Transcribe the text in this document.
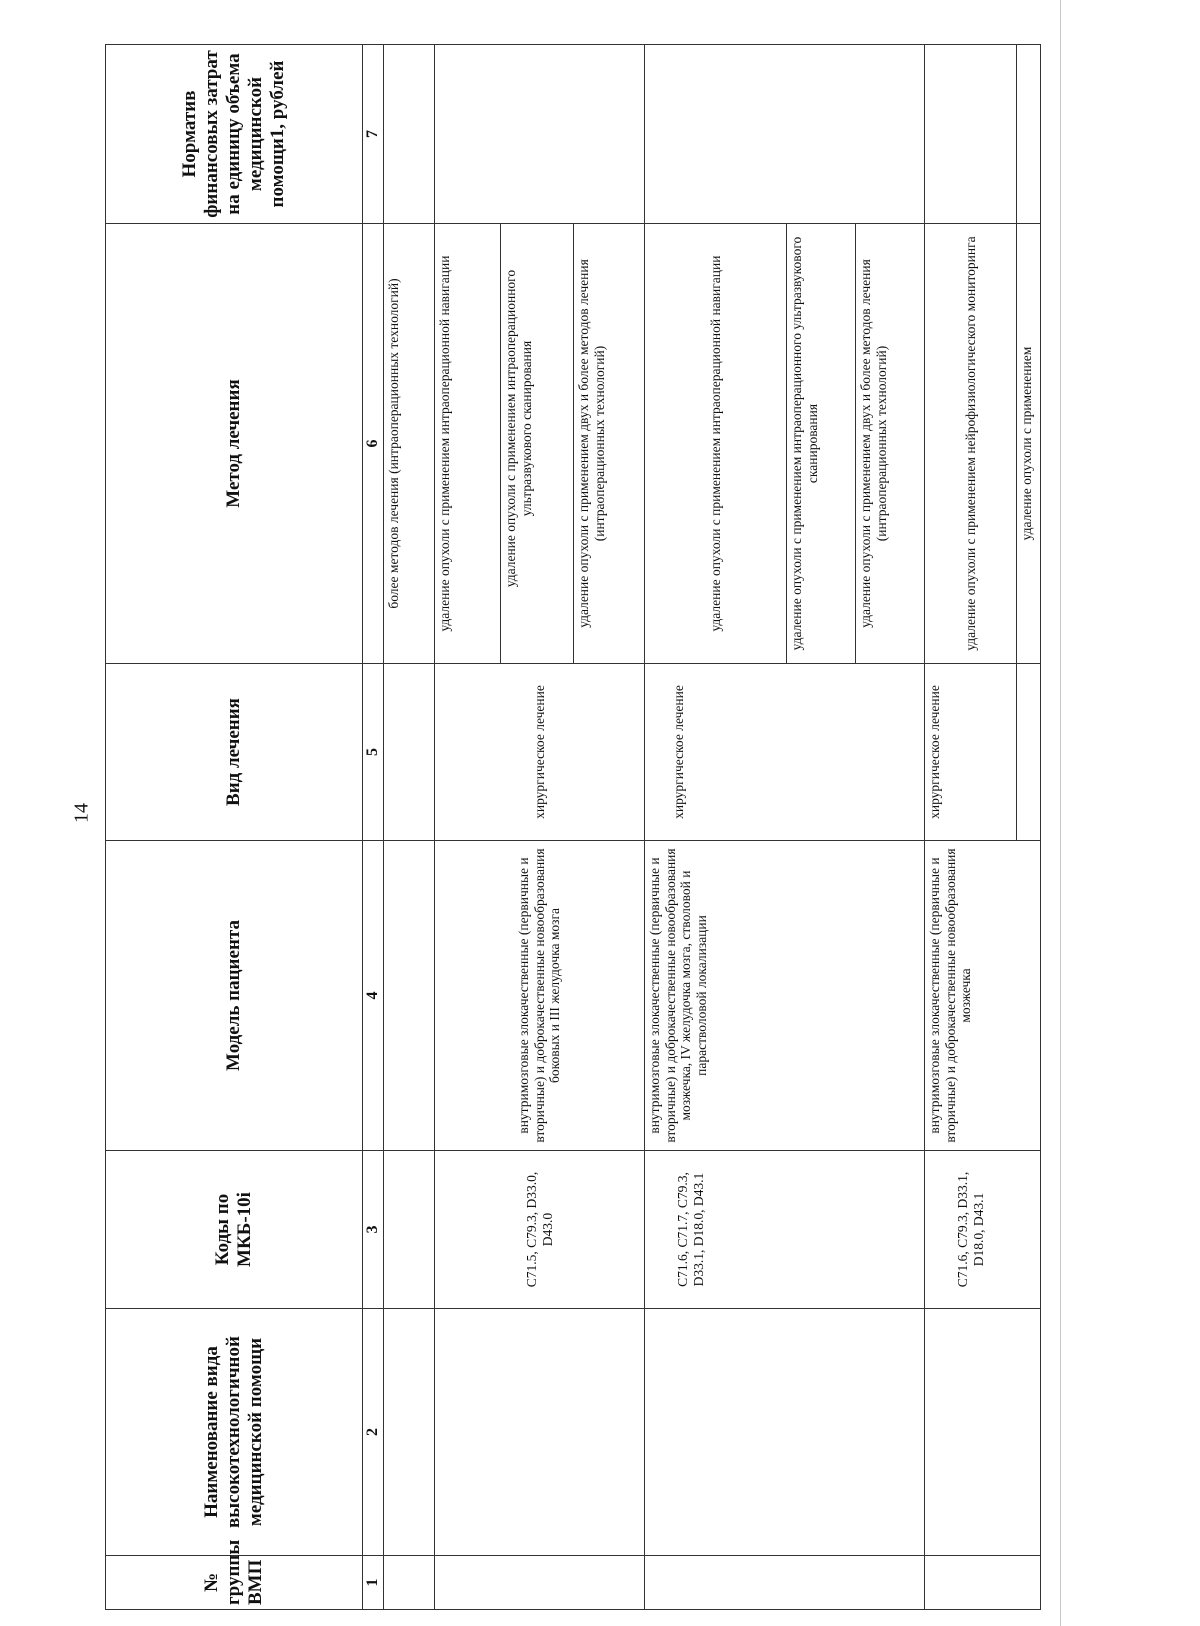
14
№ группы ВМП	Наименование вида высокотехнологичной медицинской помощи	Коды по МКБ-10i	Модель пациента	Вид лечения	Метод лечения	Норматив финансовых затрат на единицу объема медицинской помощи1, рублей
1	2	3	4	5	6	7
					более методов лечения (интраоперационных технологий)	
		C71.5, C79.3, D33.0, D43.0	внутримозговые злокачественные (первичные и вторичные) и доброкачественные новообразования боковых и III желудочка мозга	хирургическое лечение	удаление опухоли с применением интраоперационной навигации	

					удаление опухоли с применением интраоперационного ультразвукового сканирования	

					удаление опухоли с применением двух и более методов лечения (интраоперационных технологий)	
		C71.6, C71.7, C79.3, D33.1, D18.0, D43.1	внутримозговые злокачественные (первичные и вторичные) и доброкачественные новообразования мозжечка, IV желудочка мозга, стволовой и парастволовой локализации	хирургическое лечение	удаление опухоли с применением интраоперационной навигации	
					удаление опухоли с применением интраоперационного ультразвукового сканирования	
					удаление опухоли с применением двух и более методов лечения (интраоперационных технологий)	
		C71.6, C79.3, D33.1, D18.0, D43.1	внутримозговые злокачественные (первичные и вторичные) и доброкачественные новообразования мозжечка	хирургическое лечение	удаление опухоли с применением нейрофизиологического мониторинга	
					удаление опухоли с применением	
